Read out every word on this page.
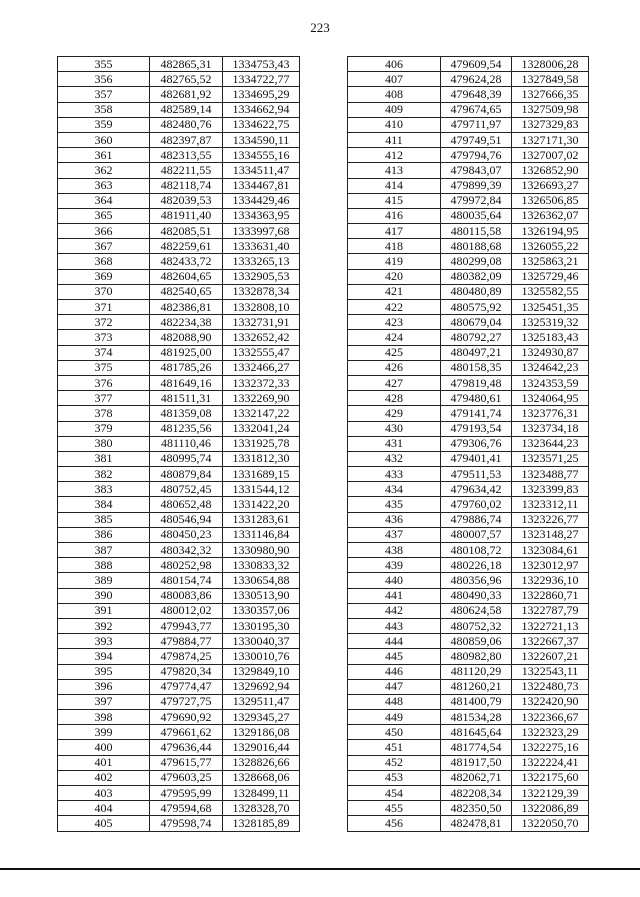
223
355	482865,31	1334753,43
356	482765,52	1334722,77
357	482681,92	1334695,29
358	482589,14	1334662,94
359	482480,76	1334622,75
360	482397,87	1334590,11
361	482313,55	1334555,16
362	482211,55	1334511,47
363	482118,74	1334467,81
364	482039,53	1334429,46
365	481911,40	1334363,95
366	482085,51	1333997,68
367	482259,61	1333631,40
368	482433,72	1333265,13
369	482604,65	1332905,53
370	482540,65	1332878,34
371	482386,81	1332808,10
372	482234,38	1332731,91
373	482088,90	1332652,42
374	481925,00	1332555,47
375	481785,26	1332466,27
376	481649,16	1332372,33
377	481511,31	1332269,90
378	481359,08	1332147,22
379	481235,56	1332041,24
380	481110,46	1331925,78
381	480995,74	1331812,30
382	480879,84	1331689,15
383	480752,45	1331544,12
384	480652,48	1331422,20
385	480546,94	1331283,61
386	480450,23	1331146,84
387	480342,32	1330980,90
388	480252,98	1330833,32
389	480154,74	1330654,88
390	480083,86	1330513,90
391	480012,02	1330357,06
392	479943,77	1330195,30
393	479884,77	1330040,37
394	479874,25	1330010,76
395	479820,34	1329849,10
396	479774,47	1329692,94
397	479727,75	1329511,47
398	479690,92	1329345,27
399	479661,62	1329186,08
400	479636,44	1329016,44
401	479615,77	1328826,66
402	479603,25	1328668,06
403	479595,99	1328499,11
404	479594,68	1328328,70
405	479598,74	1328185,89
406	479609,54	1328006,28
407	479624,28	1327849,58
408	479648,39	1327666,35
409	479674,65	1327509,98
410	479711,97	1327329,83
411	479749,51	1327171,30
412	479794,76	1327007,02
413	479843,07	1326852,90
414	479899,39	1326693,27
415	479972,84	1326506,85
416	480035,64	1326362,07
417	480115,58	1326194,95
418	480188,68	1326055,22
419	480299,08	1325863,21
420	480382,09	1325729,46
421	480480,89	1325582,55
422	480575,92	1325451,35
423	480679,04	1325319,32
424	480792,27	1325183,43
425	480497,21	1324930,87
426	480158,35	1324642,23
427	479819,48	1324353,59
428	479480,61	1324064,95
429	479141,74	1323776,31
430	479193,54	1323734,18
431	479306,76	1323644,23
432	479401,41	1323571,25
433	479511,53	1323488,77
434	479634,42	1323399,83
435	479760,02	1323312,11
436	479886,74	1323226,77
437	480007,57	1323148,27
438	480108,72	1323084,61
439	480226,18	1323012,97
440	480356,96	1322936,10
441	480490,33	1322860,71
442	480624,58	1322787,79
443	480752,32	1322721,13
444	480859,06	1322667,37
445	480982,80	1322607,21
446	481120,29	1322543,11
447	481260,21	1322480,73
448	481400,79	1322420,90
449	481534,28	1322366,67
450	481645,64	1322323,29
451	481774,54	1322275,16
452	481917,50	1322224,41
453	482062,71	1322175,60
454	482208,34	1322129,39
455	482350,50	1322086,89
456	482478,81	1322050,70
